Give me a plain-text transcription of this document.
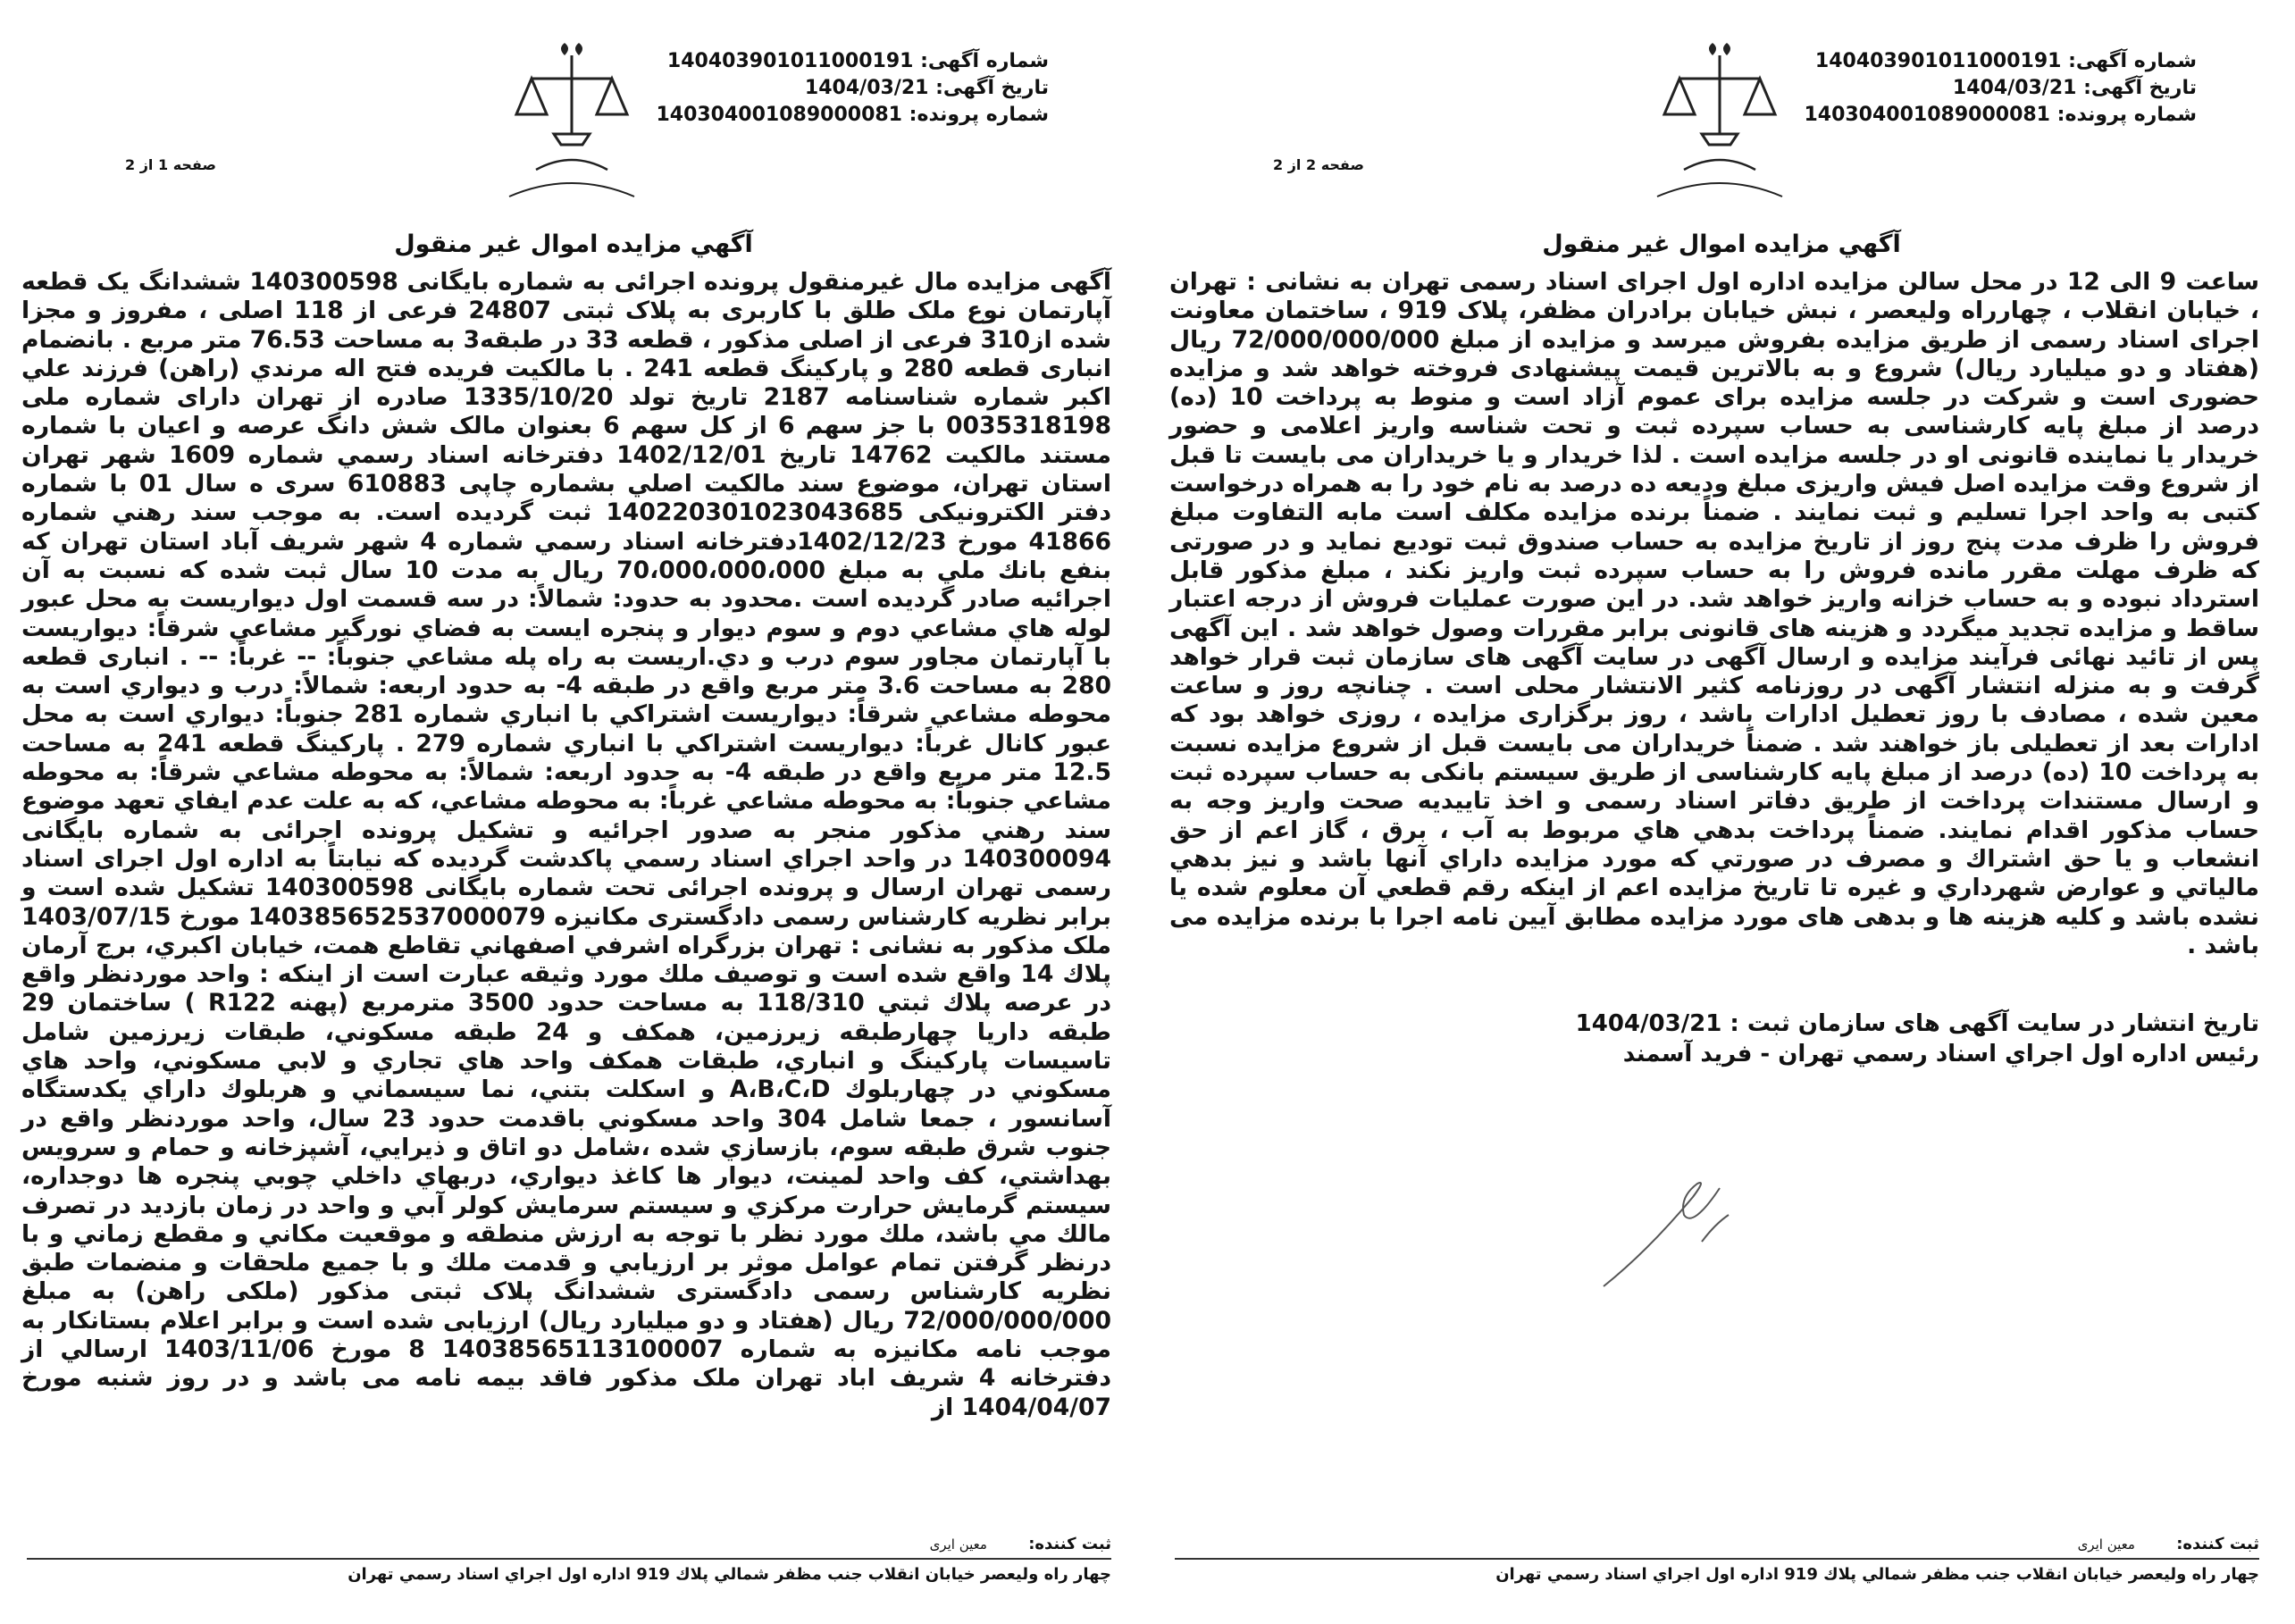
شماره آگهی: 140403901011000191
تاریخ آگهی: 1404/03/21
شماره پرونده: 140304001089000081
صفحه 1 از 2
آگهي مزايده اموال غير منقول

آگهی مزایده مال غیرمنقول پرونده اجرائی به شماره بایگانی 140300598 ششدانگ یک قطعه آپارتمان نوع ملک طلق با کاربری به پلاک ثبتی 24807 فرعی از 118 اصلی ، مفروز و مجزا شده از310 فرعی از اصلی مذکور ، قطعه 33 در طبقه3 به مساحت 76.53 متر مربع . بانضمام انباری قطعه 280 و پارکینگ قطعه 241 . با مالکیت فریده فتح اله مرندي (راهن) فرزند علي اكبر شماره شناسنامه 2187 تاریخ تولد 1335/10/20 صادره از تهران دارای شماره ملی 0035318198 با جز سهم 6 از کل سهم 6 بعنوان مالک شش دانگ عرصه و اعیان با شماره مستند مالکیت 14762 تاریخ 1402/12/01 دفترخانه اسناد رسمي شماره 1609 شهر تهران استان تهران، موضوع سند مالكيت اصلي بشماره چاپی 610883 سری ه سال 01 با شماره دفتر الكترونيكی 140220301023043685 ثبت گرديده است. به موجب سند رهني شماره 41866 مورخ 1402/12/23دفترخانه اسناد رسمي شماره 4 شهر شريف آباد استان تهران كه بنفع بانك ملي به مبلغ 70،000،000،000 ريال به مدت 10 سال ثبت شده كه نسبت به آن اجرائيه صادر گرديده است .محدود به حدود: شمالاً: در سه قسمت اول ديواريست به محل عبور لوله هاي مشاعي دوم و سوم ديوار و پنجره ايست به فضاي نورگير مشاعي شرقاً: ديواريست با آپارتمان مجاور سوم درب و دي.اريست به راه پله مشاعي جنوباً: -- غرباً: -- . انباری قطعه 280 به مساحت 3.6 متر مربع واقع در طبقه 4- به حدود اربعه: شمالاً: درب و ديواري است به محوطه مشاعي شرقاً: ديواريست اشتراكي با انباري شماره 281 جنوباً: ديواري است به محل عبور كانال غرباً: ديواريست اشتراكي با انباري شماره 279 . پاركينگ قطعه 241 به مساحت 12.5 متر مربع واقع در طبقه 4- به حدود اربعه: شمالاً: به محوطه مشاعي شرقاً: به محوطه مشاعي جنوباً: به محوطه مشاعي غرباً: به محوطه مشاعي، كه به علت عدم ايفاي تعهد موضوع سند رهني مذكور منجر به صدور اجرائيه و تشكيل پرونده اجرائی به شماره بایگانی 140300094 در واحد اجراي اسناد رسمي پاكدشت گرديده كه نيابتاً به اداره اول اجرای اسناد رسمی تهران ارسال و پرونده اجرائی تحت شماره بایگانی 140300598 تشکیل شده است و برابر نظریه کارشناس رسمی دادگستری مکانیزه 140385652537000079 مورخ 1403/07/15 ملک مذكور به نشانی : تهران بزرگراه اشرفي اصفهاني تقاطع همت، خيابان اكبري، برج آرمان پلاك 14 واقع شده است و توصيف ملك مورد وثيقه عبارت است از اينكه : واحد موردنظر واقع در عرصه پلاك ثبتي 118/310 به مساحت حدود 3500 مترمربع (پهنه R122 ) ساختمان 29 طبقه داريا چهارطبقه زيرزمين، همكف و 24 طبقه مسكوني، طبقات زيرزمين شامل تاسيسات پاركينگ و انباري، طبقات همكف واحد هاي تجاري و لابي مسكوني، واحد هاي مسكوني در چهاربلوك A،B،C،D و اسكلت بتني، نما سيسماني و هربلوك داراي يكدستگاه آسانسور ، جمعا شامل 304 واحد مسكوني باقدمت حدود 23 سال، واحد موردنظر واقع در جنوب شرق طبقه سوم، بازسازي شده ،شامل دو اتاق و ذيرايي، آشپزخانه و حمام و سرويس بهداشتي، كف واحد لمينت، ديوار ها كاغذ ديواري، دربهاي داخلي چوبي پنجره ها دوجداره، سيستم گرمايش حرارت مركزي و سيستم سرمايش كولر آبي و واحد در زمان بازديد در تصرف مالك مي باشد، ملك مورد نظر با توجه به ارزش منطقه و موقعيت مكاني و مقطع زماني و با درنظر گرفتن تمام عوامل موثر بر ارزيابي و قدمت ملك و با جميع ملحقات و منضمات طبق نظريه كارشناس رسمی دادگستری ششدانگ پلاک ثبتی مذکور (ملکی راهن) به مبلغ 72/000/000/000 ريال (هفتاد و دو میلیارد ریال) ارزیابی شده است و برابر اعلام بستانكار به موجب نامه مكانيزه به شماره 14038565113100007 8 مورخ 1403/11/06 ارسالي از دفترخانه 4 شريف اباد تهران ملک مذکور فاقد بیمه نامه می باشد و در روز شنبه مورخ 1404/04/07 از

ثبت کننده: معین ایری
چهار راه وليعصر خيابان انقلاب جنب مظفر شمالي پلاك 919 اداره اول اجراي اسناد رسمي تهران
شماره آگهی: 140403901011000191
تاریخ آگهی: 1404/03/21
شماره پرونده: 140304001089000081
صفحه 2 از 2
آگهي مزايده اموال غير منقول

ساعت 9 الی 12 در محل سالن مزایده اداره اول اجرای اسناد رسمی تهران به نشانی : تهران ، خیابان انقلاب ، چهارراه ولیعصر ، نبش خیابان برادران مظفر، پلاک 919 ، ساختمان معاونت اجرای اسناد رسمی از طریق مزایده بفروش میرسد و مزایده از مبلغ 72/000/000/000 ریال (هفتاد و دو میلیارد ریال) شروع و به بالاترین قیمت پیشنهادی فروخته خواهد شد و مزایده حضوری است و شرکت در جلسه مزایده برای عموم آزاد است و منوط به پرداخت 10 (ده) درصد از مبلغ پایه کارشناسی به حساب سپرده ثبت و تحت شناسه واریز اعلامی و حضور خریدار یا نماینده قانونی او در جلسه مزایده است . لذا خریدار و یا خریداران می بایست تا قبل از شروع وقت مزایده اصل فیش واریزی مبلغ ودیعه ده درصد به نام خود را به همراه درخواست کتبی به واحد اجرا تسلیم و ثبت نمایند . ضمناً برنده مزایده مکلف است مابه التفاوت مبلغ فروش را ظرف مدت پنج روز از تاریخ مزایده به حساب صندوق ثبت تودیع نماید و در صورتی که ظرف مهلت مقرر مانده فروش را به حساب سپرده ثبت واریز نکند ، مبلغ مذکور قابل استرداد نبوده و به حساب خزانه واریز خواهد شد. در این صورت عملیات فروش از درجه اعتبار ساقط و مزایده تجدید میگردد و هزینه های قانونی برابر مقررات وصول خواهد شد . این آگهی پس از تائید نهائی فرآیند مزایده و ارسال آگهی در سایت آگهی های سازمان ثبت قرار خواهد گرفت و به منزله انتشار آگهی در روزنامه کثیر الانتشار محلی است . چنانچه روز و ساعت معین شده ، مصادف با روز تعطیل ادارات باشد ، روز برگزاری مزایده ، روزی خواهد بود که ادارات بعد از تعطیلی باز خواهند شد . ضمناً خریداران می بایست قبل از شروع مزایده نسبت به پرداخت 10 (ده) درصد از مبلغ پایه کارشناسی از طریق سیستم بانکی به حساب سپرده ثبت و ارسال مستندات پرداخت از طریق دفاتر اسناد رسمی و اخذ تاییدیه صحت واریز وجه به حساب مذکور اقدام نمایند. ضمناً پرداخت بدهي هاي مربوط به آب ، برق ، گاز اعم از حق انشعاب و يا حق اشتراك و مصرف در صورتي كه مورد مزايده داراي آنها باشد و نيز بدهي مالياتي و عوارض شهرداري و غيره تا تاريخ مزايده اعم از اينكه رقم قطعي آن معلوم شده يا نشده باشد و كليه هزينه ها و بدهی های مورد مزایده مطابق آیین نامه اجرا با برنده مزايده مى باشد .

تاریخ انتشار در سایت آگهی های سازمان ثبت : 1404/03/21
رئيس اداره اول اجراي اسناد رسمي تهران - فريد آسمند
ثبت کننده: معین ایری
چهار راه وليعصر خيابان انقلاب جنب مظفر شمالي پلاك 919 اداره اول اجراي اسناد رسمي تهران
